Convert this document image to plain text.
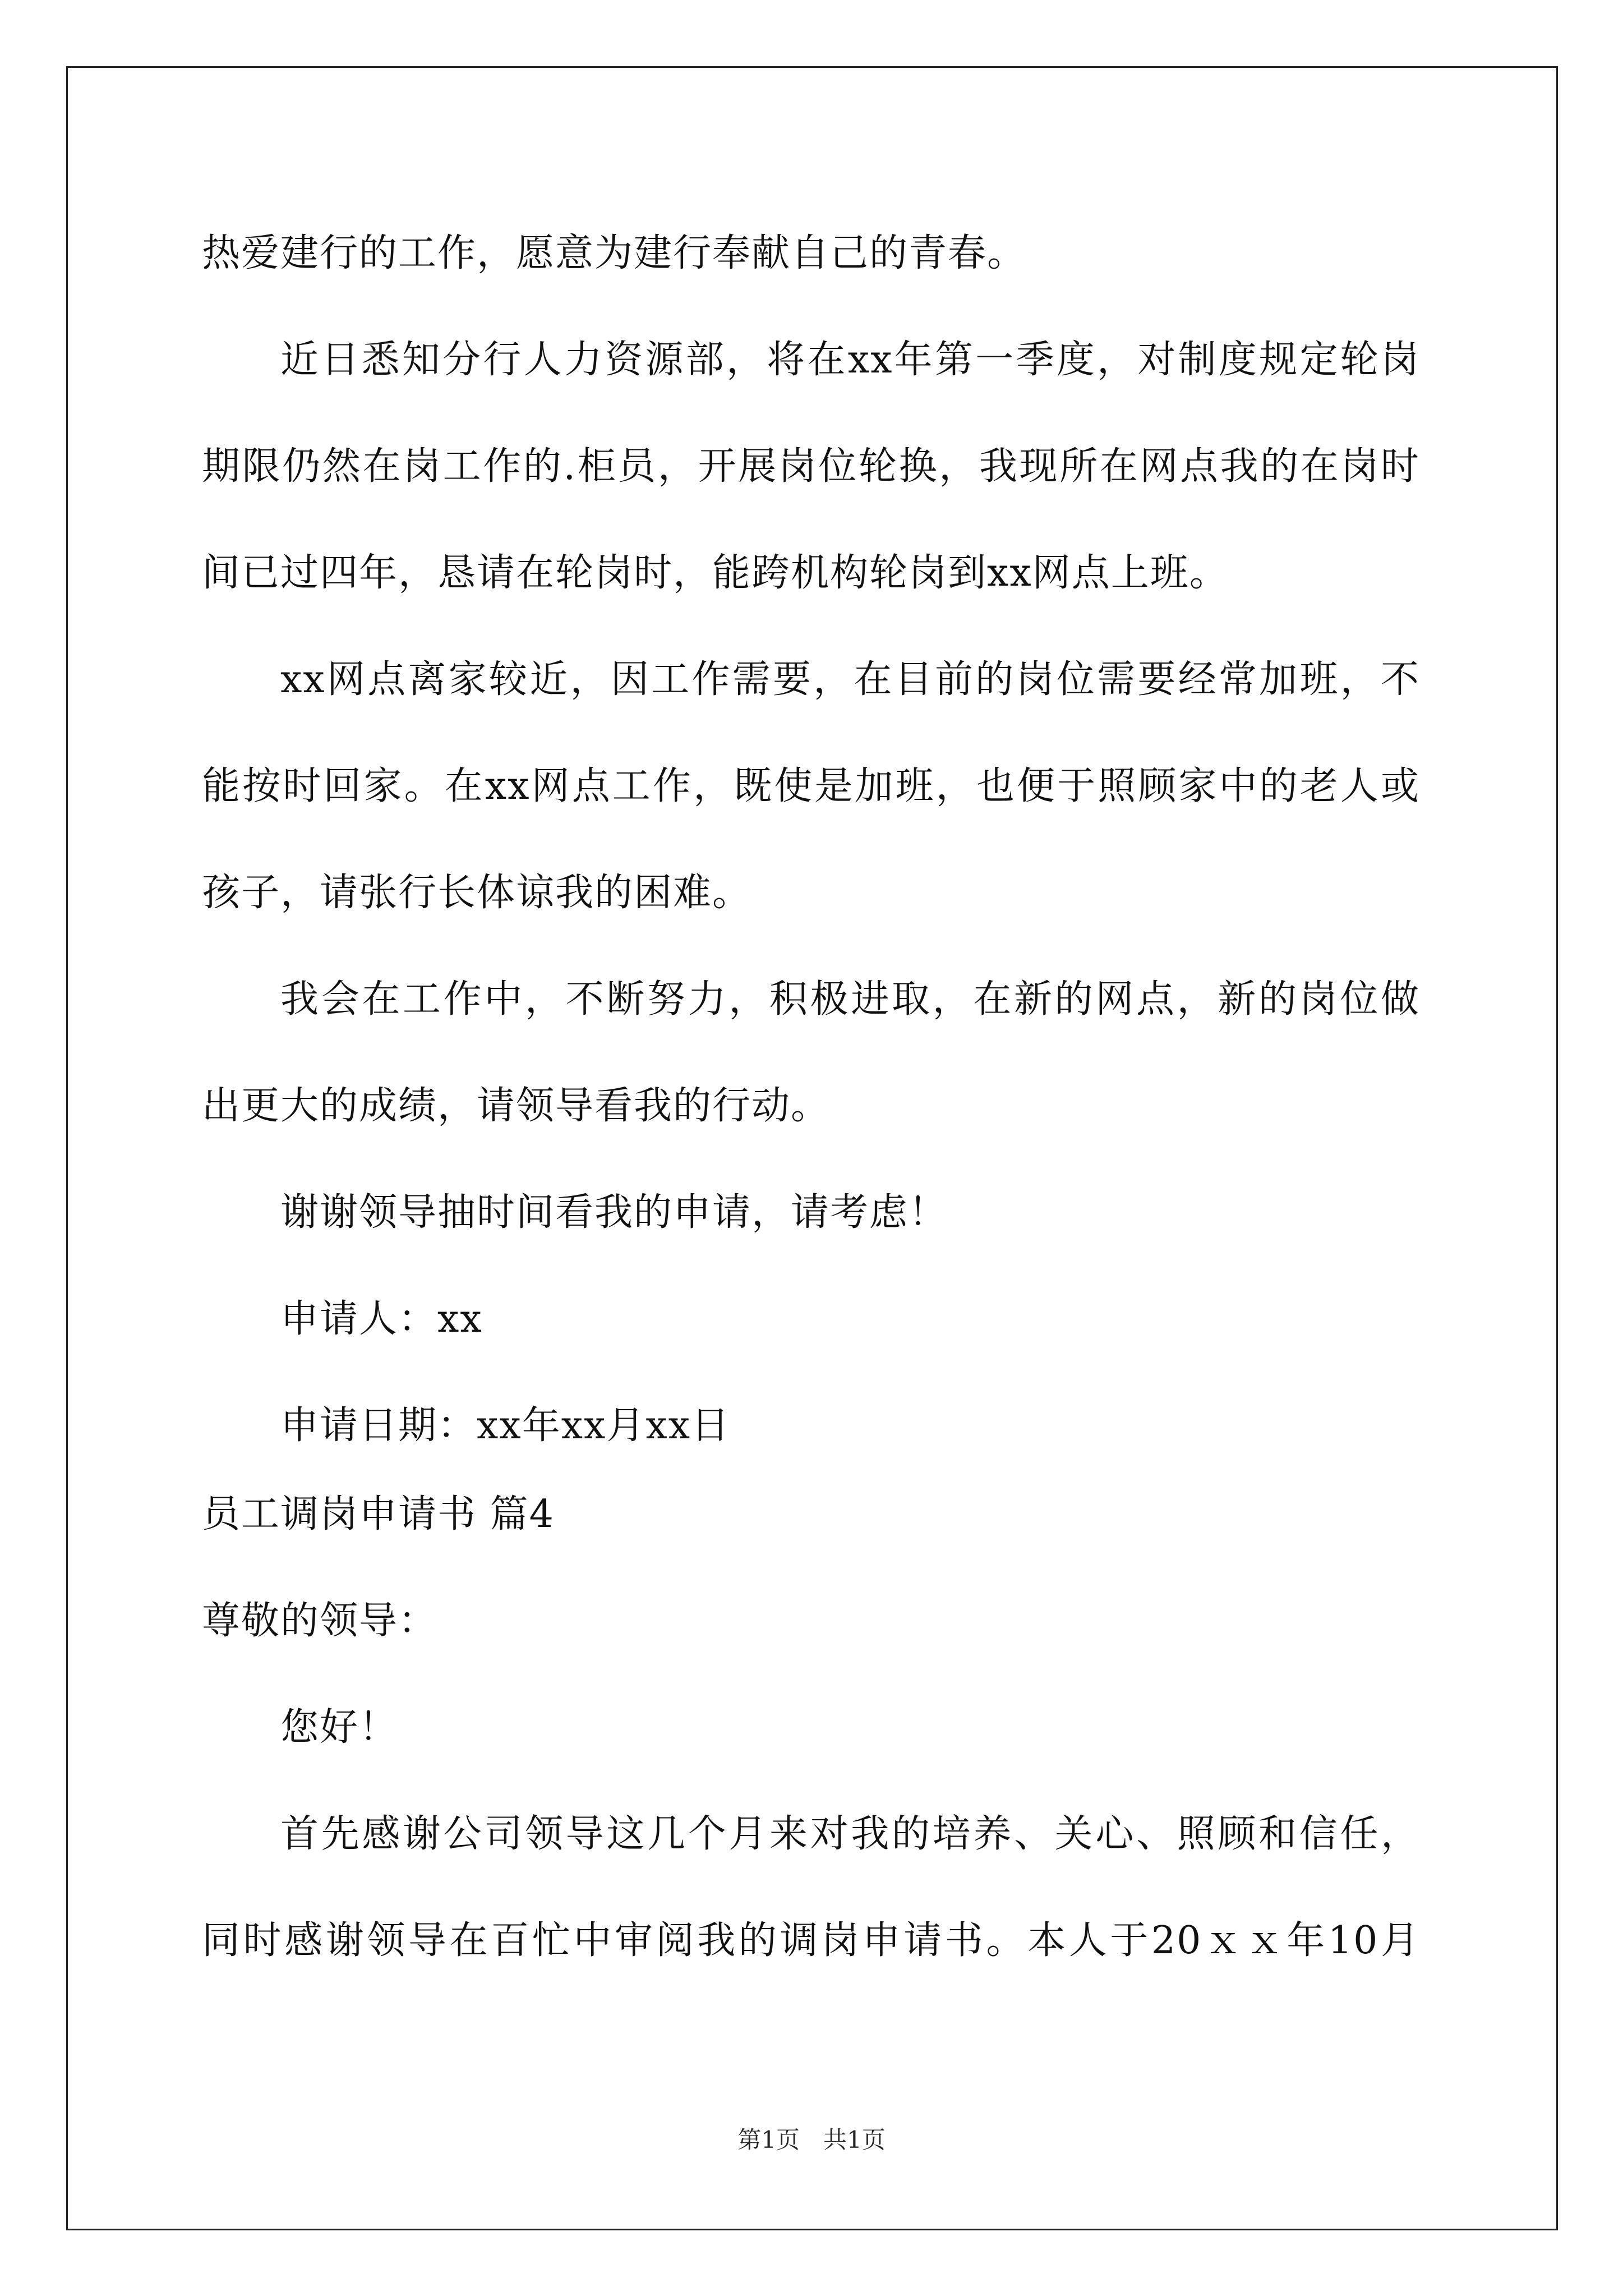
热爱建行的工作，愿意为建行奉献自己的青春。
近日悉知分行人力资源部，将在xx年第一季度，对制度规定轮岗
期限仍然在岗工作的.柜员，开展岗位轮换，我现所在网点我的在岗时
间已过四年，恳请在轮岗时，能跨机构轮岗到xx网点上班。
xx网点离家较近，因工作需要，在目前的岗位需要经常加班，不
能按时回家。在xx网点工作，既使是加班，也便于照顾家中的老人或
孩子，请张行长体谅我的困难。
我会在工作中，不断努力，积极进取，在新的网点，新的岗位做
出更大的成绩，请领导看我的行动。
谢谢领导抽时间看我的申请，请考虑！
申请人：xx
申请日期：xx年xx月xx日
员工调岗申请书 篇4
尊敬的领导：
您好！
首先感谢公司领导这几个月来对我的培养、关心、照顾和信任，
同时感谢领导在百忙中审阅我的调岗申请书。本人于20ｘｘ年10月
第1页　共1页
